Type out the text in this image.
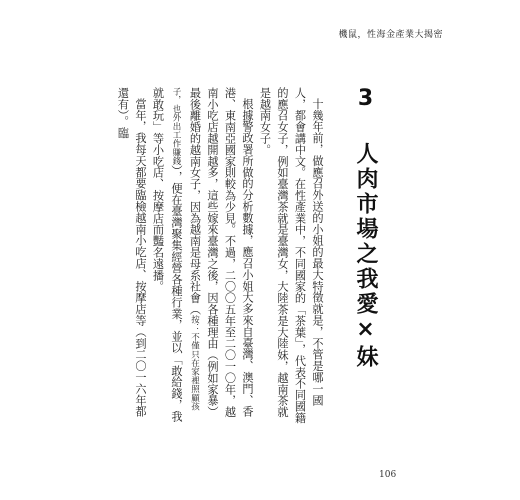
機鼠，性海金產業大揭密
3 人肉市場之我愛×妹

十幾年前，做應召外送的小姐的最大特徵就是，不管是哪一國人，都會講中文。在性產業中，不同國家的「茶葉」，代表不同國籍的應召女子，例如臺灣茶就是臺灣女，大陸茶是大陸妹，越南茶就是越南女子。

根據警政署所做的分析數據，應召小姐大多來自臺灣、澳門、香港、東南亞國家則較為少見。不過，二〇〇五年至二〇一〇年，越南小吃店越開越多，這些嫁來臺灣之後，因各種理由（例如家暴）最後離婚的越南女子，因為越南是母系社會（按：不僅只在家裡照顧孩子，也外出工作賺錢），便在臺灣聚集經營各種行業，並以「敢給錢，我就敢玩」等小吃店、按摩店而豔名遠播。

當年，我每天都要臨檢越南小吃店、按摩店等（到二〇一六年都還有）。臨

106
